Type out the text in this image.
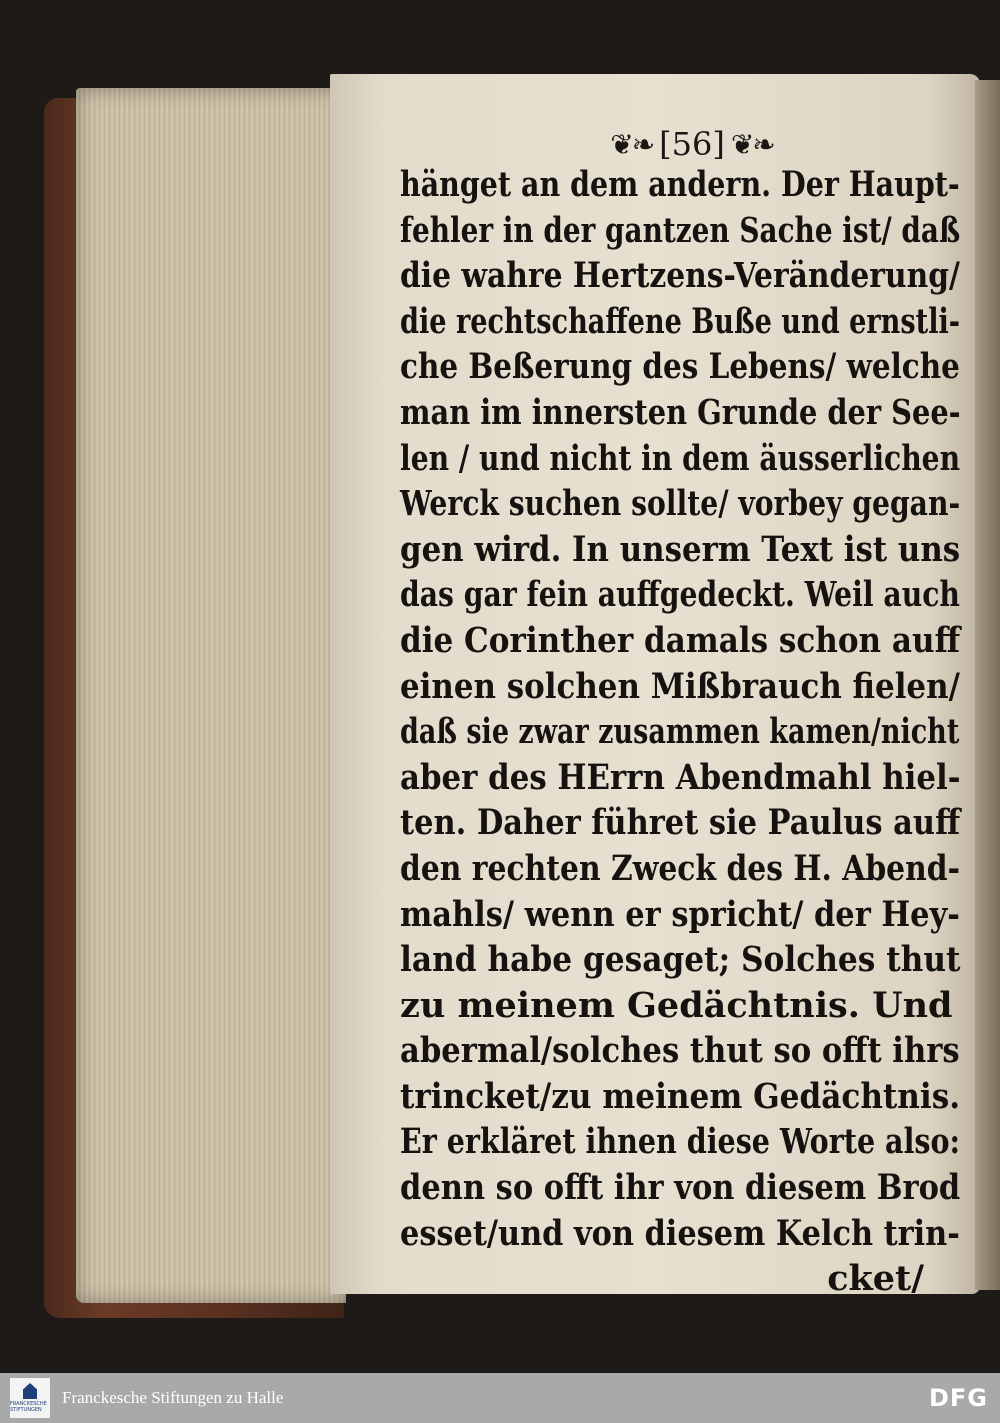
❦❧ [56] ❦❧
hänget an dem andern. Der Haupt-
fehler in der gantzen Sache ist/ daß
die wahre Hertzens-Veränderung/
die rechtschaffene Buße und ernstli-
che Beßerung des Lebens/ welche
man im innersten Grunde der See-
len / und nicht in dem äusserlichen
Werck suchen sollte/ vorbey gegan-
gen wird. In unserm Text ist uns
das gar fein auffgedeckt. Weil auch
die Corinther damals schon auff
einen solchen Mißbrauch fielen/
daß sie zwar zusammen kamen/nicht
aber des HErrn Abendmahl hiel-
ten. Daher führet sie Paulus auff
den rechten Zweck des H. Abend-
mahls/ wenn er spricht/ der Hey-
land habe gesaget; Solches thut
zu meinem Gedächtnis. Und
abermal/solches thut so offt ihrs
trincket/zu meinem Gedächtnis.
Er erkläret ihnen diese Worte also:
denn so offt ihr von diesem Brod
esset/und von diesem Kelch trin-
cket/
FRANCKESCHE STIFTUNGEN
Franckesche Stiftungen zu Halle	DFG
